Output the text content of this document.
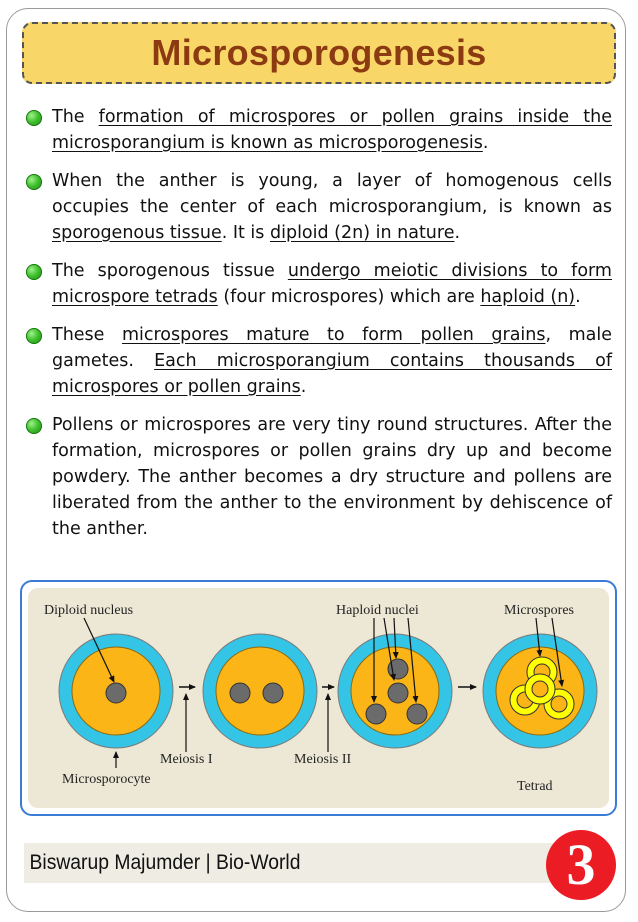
Microsporogenesis
The formation of microspores or pollen grains inside the microsporangium is known as microsporogenesis.
When the anther is young, a layer of homogenous cells occupies the center of each microsporangium, is known as sporogenous tissue. It is diploid (2n) in nature.
The sporogenous tissue undergo meiotic divisions to form microspore tetrads (four microspores) which are haploid (n).
These microspores mature to form pollen grains, male gametes. Each microsporangium contains thousands of microspores or pollen grains.
Pollens or microspores are very tiny round structures. After the formation, microspores or pollen grains dry up and become powdery. The anther becomes a dry structure and pollens are liberated from the anther to the environment by dehiscence of the anther.
Diploid nucleus	Haploid nuclei	Microspores
Meiosis I	Meiosis II
Microsporocyte	Tetrad
Biswarup Majumder | Bio-World	3
